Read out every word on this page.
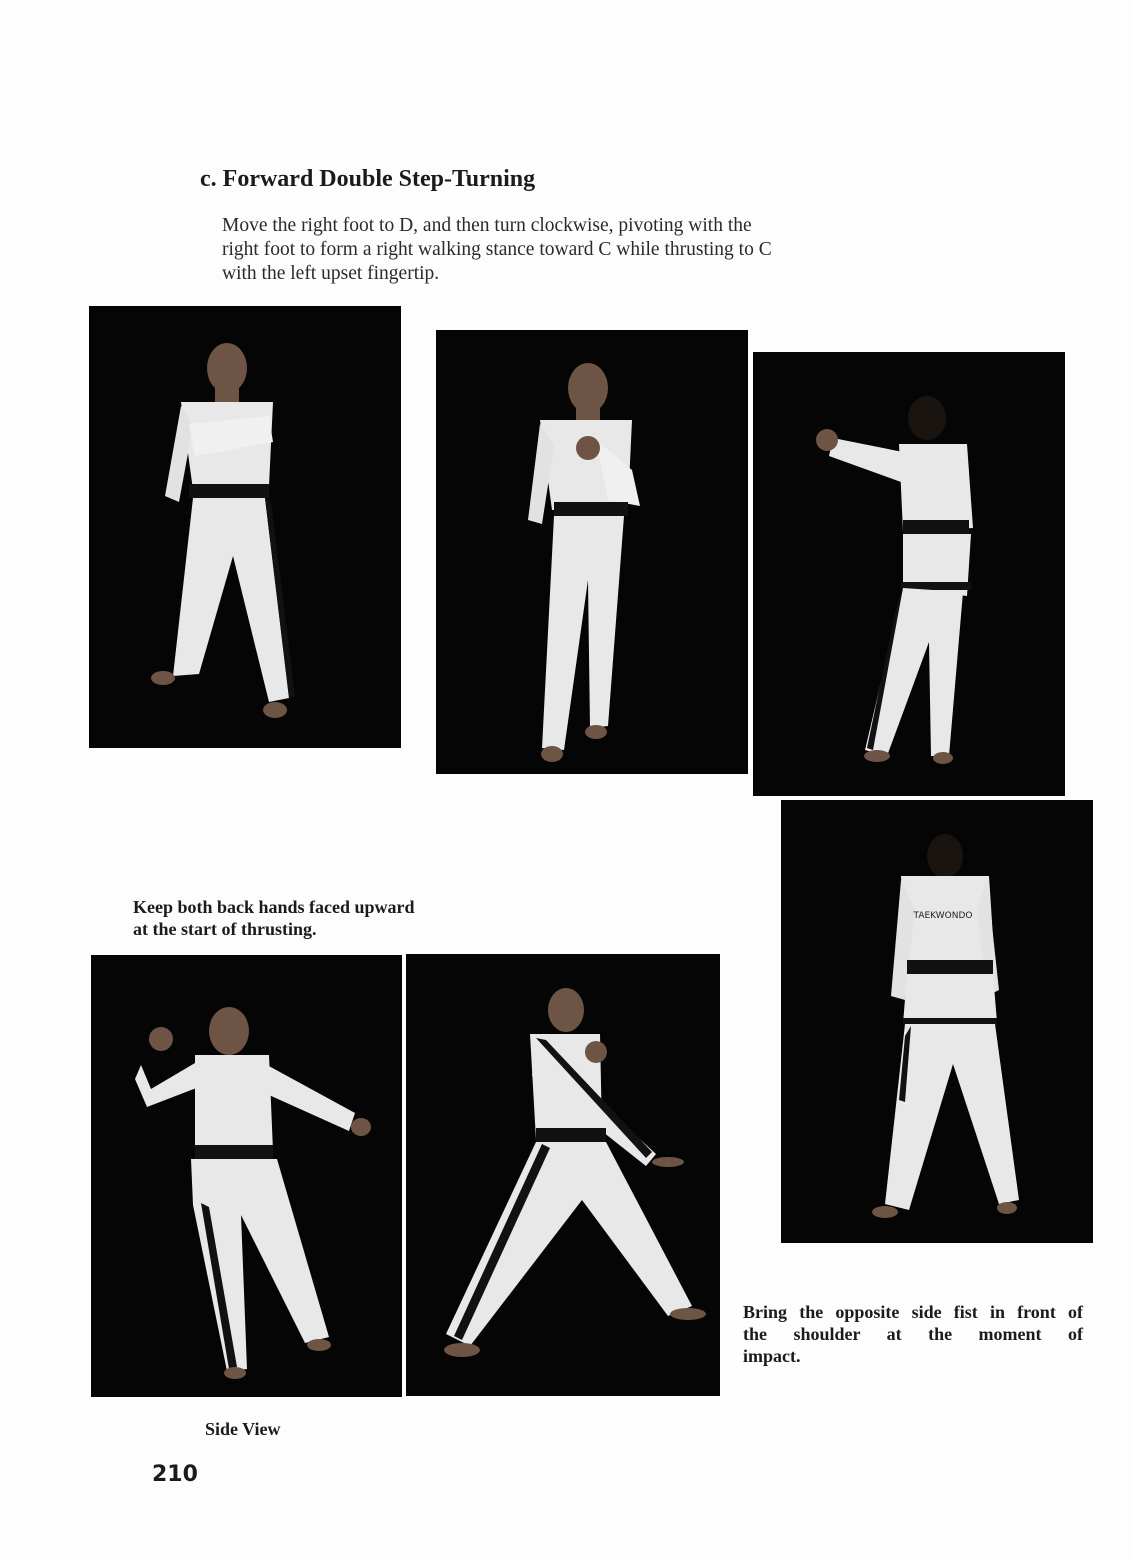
c. Forward Double Step-Turning
Move the right foot to D, and then turn clockwise, pivoting with the
right foot to form a right walking stance toward C while thrusting to C
with the left upset fingertip.
TAEKWONDO
Keep both back hands faced upward
at the start of thrusting.
Bring the opposite side fist in front of
the shoulder at the moment of
impact.
Side View
210
